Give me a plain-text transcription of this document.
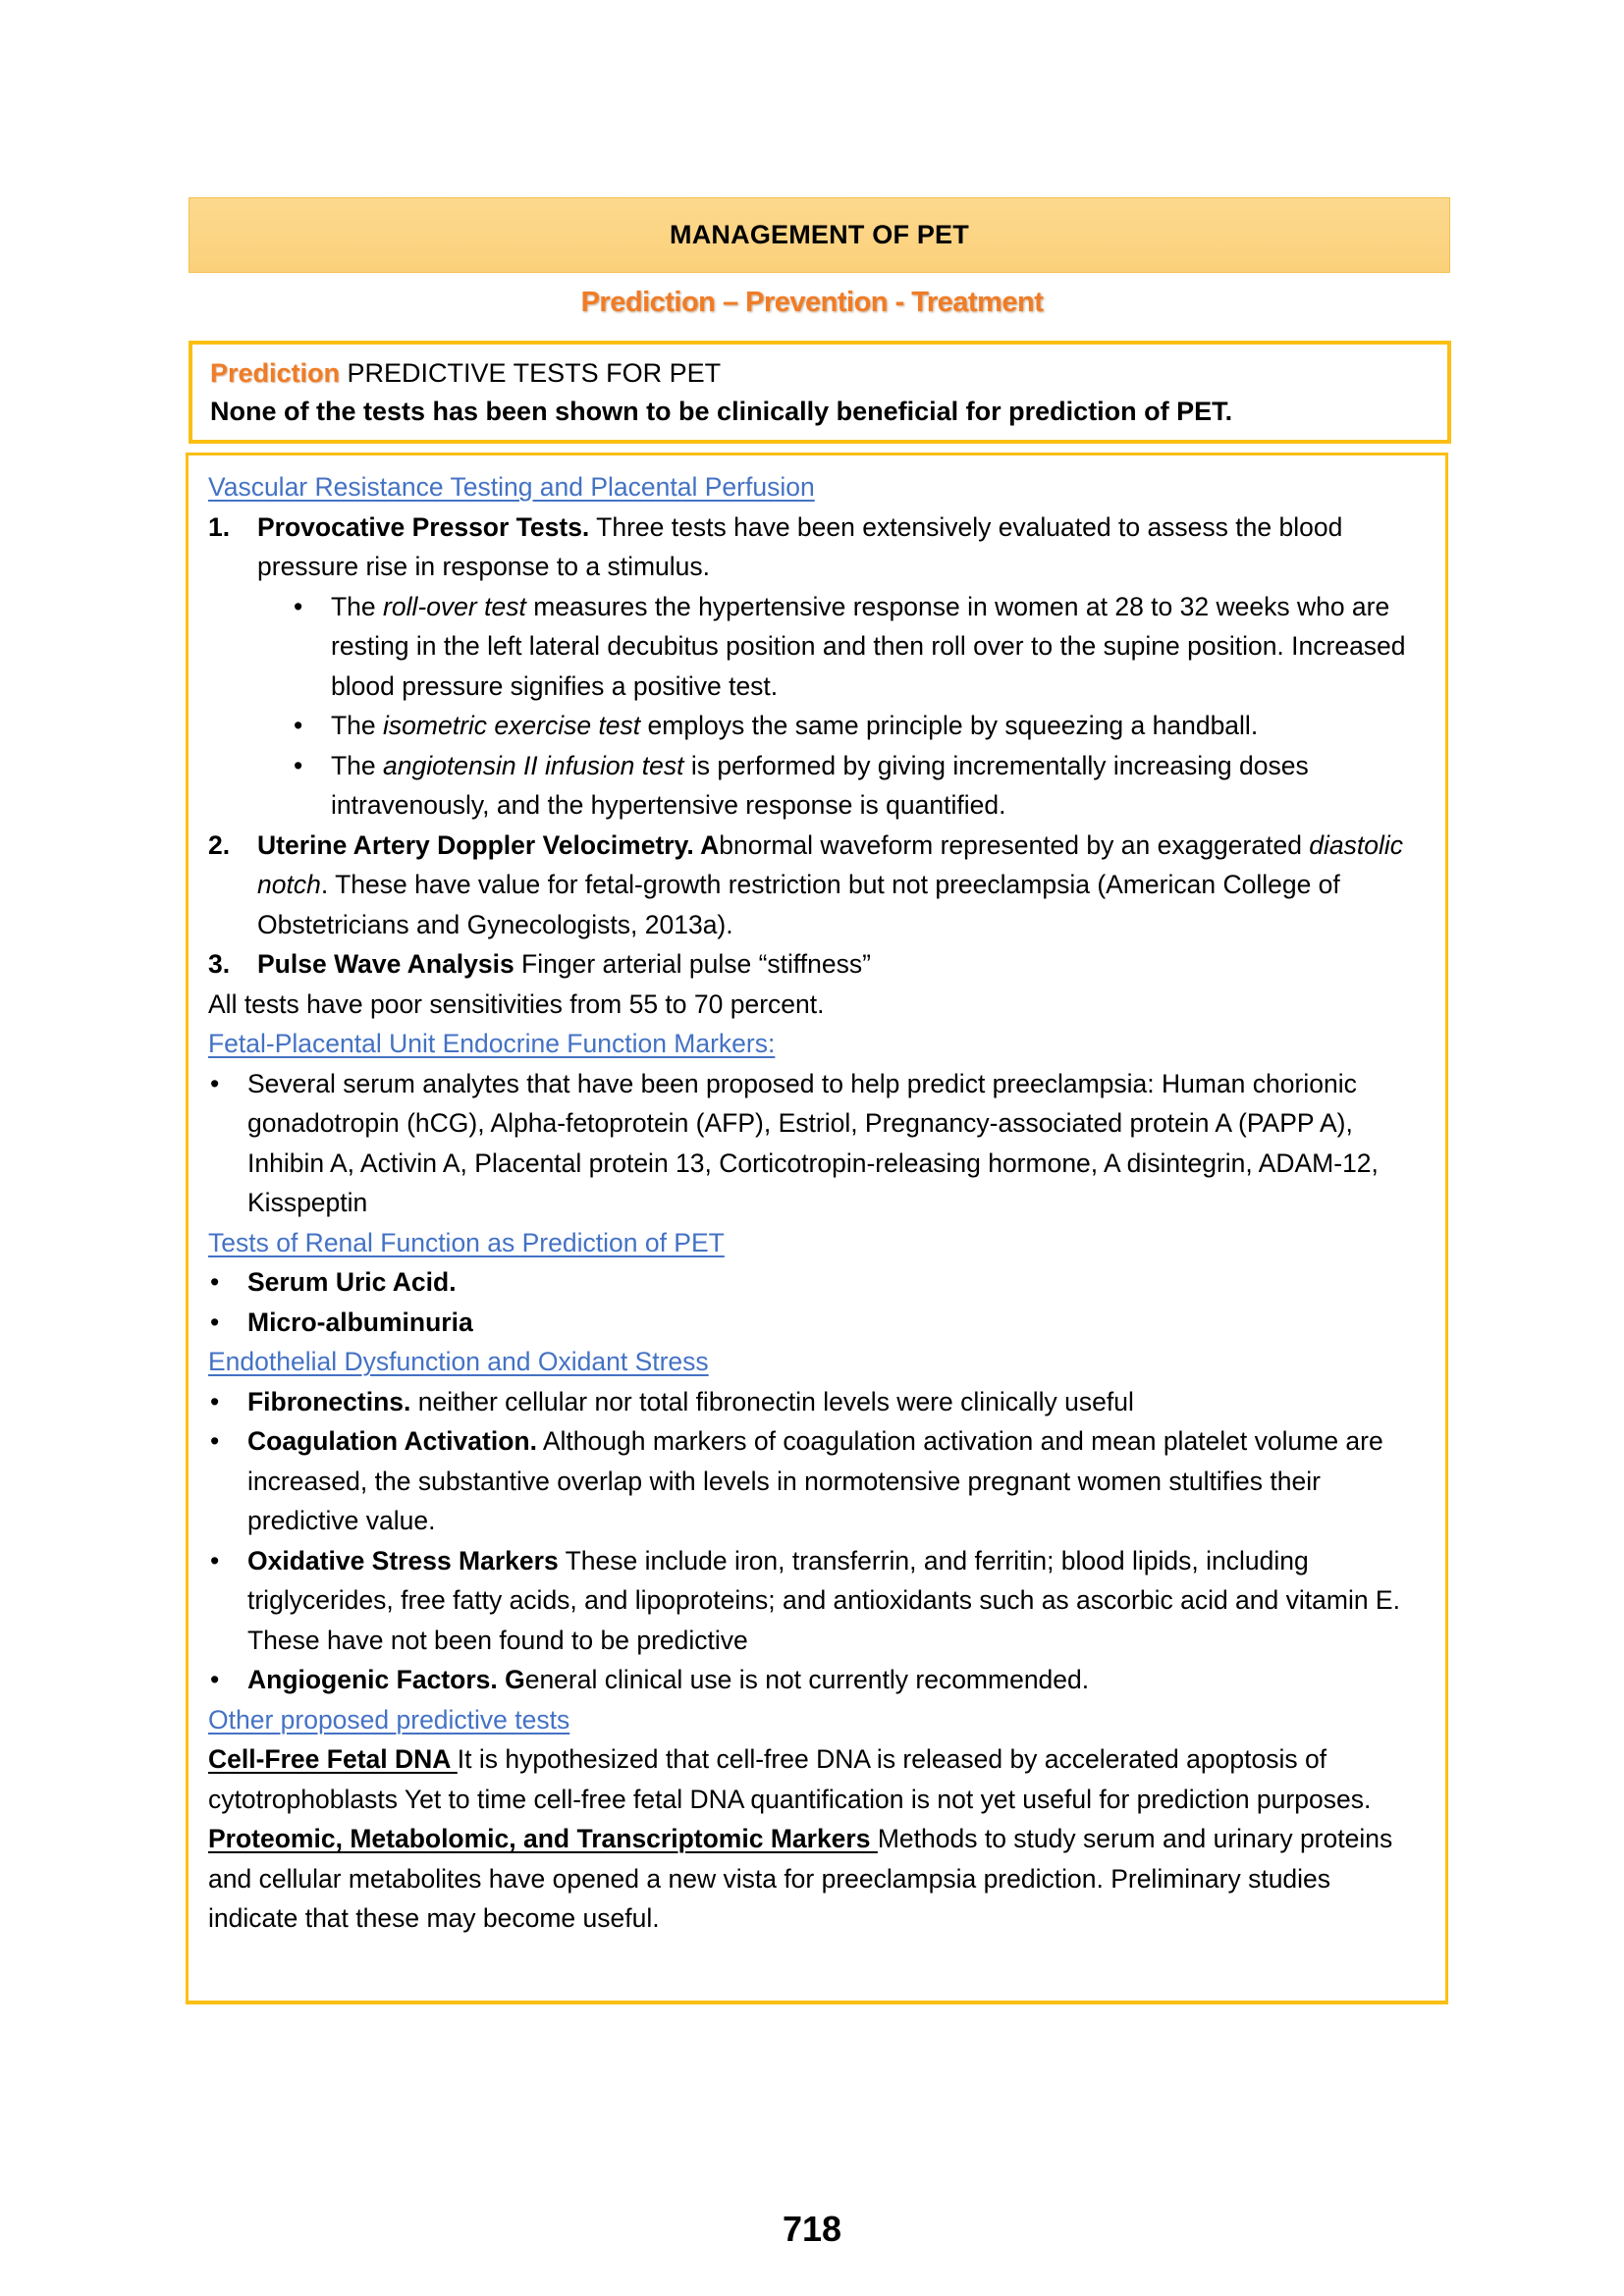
MANAGEMENT OF PET
Prediction – Prevention - Treatment
Prediction PREDICTIVE TESTS FOR PET
None of the tests has been shown to be clinically beneficial for prediction of PET.
Vascular Resistance Testing and Placental Perfusion
1. Provocative Pressor Tests. Three tests have been extensively evaluated to assess the blood pressure rise in response to a stimulus.
• The roll-over test measures the hypertensive response in women at 28 to 32 weeks who are resting in the left lateral decubitus position and then roll over to the supine position. Increased blood pressure signifies a positive test.
• The isometric exercise test employs the same principle by squeezing a handball.
• The angiotensin II infusion test is performed by giving incrementally increasing doses intravenously, and the hypertensive response is quantified.
2. Uterine Artery Doppler Velocimetry. Abnormal waveform represented by an exaggerated diastolic notch. These have value for fetal-growth restriction but not preeclampsia (American College of Obstetricians and Gynecologists, 2013a).
3. Pulse Wave Analysis Finger arterial pulse “stiffness”
All tests have poor sensitivities from 55 to 70 percent.
Fetal-Placental Unit Endocrine Function Markers:
• Several serum analytes that have been proposed to help predict preeclampsia: Human chorionic gonadotropin (hCG), Alpha-fetoprotein (AFP), Estriol, Pregnancy-associated protein A (PAPP A), Inhibin A, Activin A, Placental protein 13, Corticotropin-releasing hormone, A disintegrin, ADAM-12, Kisspeptin
Tests of Renal Function as Prediction of PET
• Serum Uric Acid.
• Micro-albuminuria
Endothelial Dysfunction and Oxidant Stress
• Fibronectins. neither cellular nor total fibronectin levels were clinically useful
• Coagulation Activation. Although markers of coagulation activation and mean platelet volume are increased, the substantive overlap with levels in normotensive pregnant women stultifies their predictive value.
• Oxidative Stress Markers These include iron, transferrin, and ferritin; blood lipids, including triglycerides, free fatty acids, and lipoproteins; and antioxidants such as ascorbic acid and vitamin E. These have not been found to be predictive
• Angiogenic Factors. General clinical use is not currently recommended.
Other proposed predictive tests
Cell-Free Fetal DNA It is hypothesized that cell-free DNA is released by accelerated apoptosis of cytotrophoblasts Yet to time cell-free fetal DNA quantification is not yet useful for prediction purposes.
Proteomic, Metabolomic, and Transcriptomic Markers Methods to study serum and urinary proteins and cellular metabolites have opened a new vista for preeclampsia prediction. Preliminary studies indicate that these may become useful.
718
